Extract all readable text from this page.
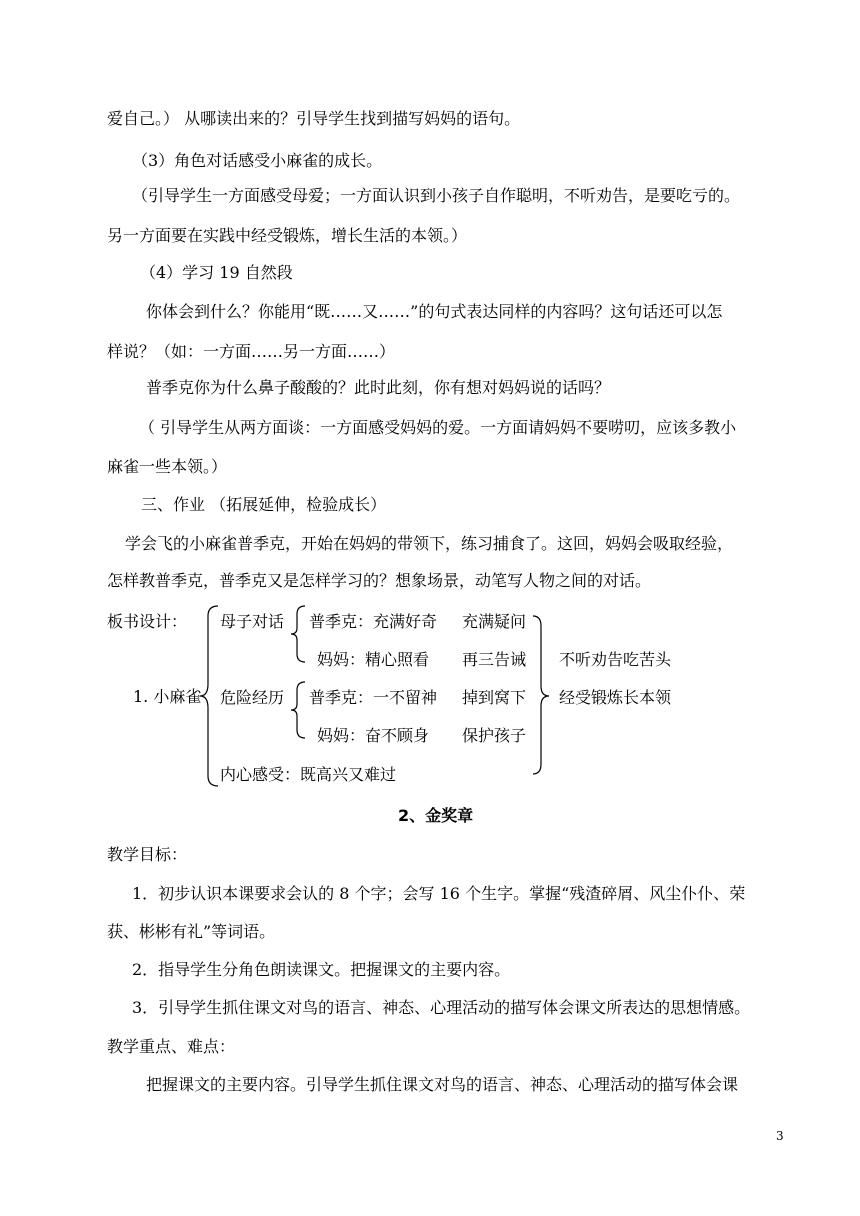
爱自己。） 从哪读出来的？引导学生找到描写妈妈的语句。
（3）角色对话感受小麻雀的成长。
（引导学生一方面感受母爱；一方面认识到小孩子自作聪明，不听劝告，是要吃亏的。
另一方面要在实践中经受锻炼，增长生活的本领。）
（4）学习 19 自然段
你体会到什么？你能用“既……又……”的句式表达同样的内容吗？这句话还可以怎
样说？（如：一方面……另一方面……）
普季克你为什么鼻子酸酸的？此时此刻，你有想对妈妈说的话吗？
（ 引导学生从两方面谈：一方面感受妈妈的爱。一方面请妈妈不要唠叨，应该多教小
麻雀一些本领。）
三、作业 （拓展延伸，检验成长）
学会飞的小麻雀普季克，开始在妈妈的带领下，练习捕食了。这回，妈妈会吸取经验，
怎样教普季克，普季克又是怎样学习的？想象场景，动笔写人物之间的对话。
板书设计：
1. 小麻雀
母子对话 普季克：充满好奇 充满疑问
妈妈：精心照看 再三告诫
危险经历 普季克：一不留神 掉到窝下
妈妈：奋不顾身 保护孩子
内心感受：既高兴又难过
不听劝告吃苦头
经受锻炼长本领
2、金奖章
教学目标：
1．初步认识本课要求会认的 8 个字；会写 16 个生字。掌握“残渣碎屑、风尘仆仆、荣
获、彬彬有礼”等词语。
2．指导学生分角色朗读课文。把握课文的主要内容。
3．引导学生抓住课文对鸟的语言、神态、心理活动的描写体会课文所表达的思想情感。
教学重点、难点：
把握课文的主要内容。引导学生抓住课文对鸟的语言、神态、心理活动的描写体会课
3
